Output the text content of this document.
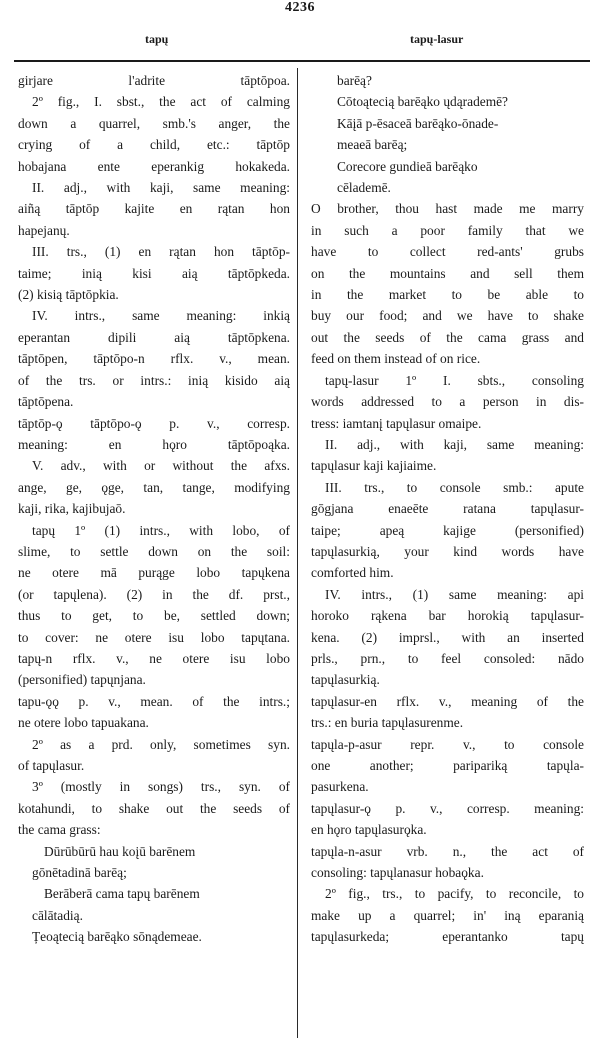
4236
tapų	tapų-lasur
girjare l'adrite tāptōpoa.
2º fig., I. sbst., the act of calming
down a quarrel, smb.'s anger, the
crying of a child, etc.: tāptōp
hobajana ente eperankig hokakeda.
II. adj., with kaji, same meaning:
aiñą tāptōp kajite en rątan hon
hapejanų.
III. trs., (1) en rątan hon tāptōp-
taime; inią kisi aią tāptōpkeda.
(2) kisią tāptōpkia.
IV. intrs., same meaning: inkią
eperantan dipili aią tāptōpkena.
tāptōpen, tāptōpo-n rflx. v., mean.
of the trs. or intrs.: inią kisido aią
tāptōpena.
tāptōp-ǫ tāptōpo-ǫ p. v., corresp.
meaning: en hǫro tāptōpoąka.
V. adv., with or without the afxs.
ange, ge, ǫge, tan, tange, modifying
kaji, rika, kajibujaō.
tapų 1º (1) intrs., with lobo, of
slime, to settle down on the soil:
ne otere mā purąge lobo tapųkena
(or tapųlena). (2) in the df. prst.,
thus to get, to be, settled down;
to cover: ne otere isu lobo tapųtana.
tapų-n rflx. v., ne otere isu lobo
(personified) tapųnjana.
tapu-ǫǫ p. v., mean. of the intrs.;
ne otere lobo tapuakana.
2º as a prd. only, sometimes syn.
of tapųlasur.
3º (mostly in songs) trs., syn. of
kotahundi, to shake out the seeds of
the cama grass:
Dūrūbūrū hau koįū barēnem
gōnētadinā barēą;
Berāberā cama tapų barēnem
cālātadią.
Țeoątecią barēąko sōnądemeae.
barēą?
Cōtoątecią barēąko ųdąrademē?
Kāįā p-ēsaceā barēąko-ōnade-
meaeā barēą;
Corecore gundieā barēąko
cēlademē.
O brother, thou hast made me marry
in such a poor family that we
have to collect red-ants' grubs
on the mountains and sell them
in the market to be able to
buy our food; and we have to shake
out the seeds of the cama grass and
feed on them instead of on rice.
tapų-lasur 1º I. sbts., consoling
words addressed to a person in dis-
tress: iamtanį tapųlasur omaipe.
II. adj., with kaji, same meaning:
tapųlasur kaji kajiaime.
III. trs., to console smb.: apute
gōgjana enaeēte ratana tapųlasur-
taipe; apeą kajige (personified)
tapųlasurkią, your kind words have
comforted him.
IV. intrs., (1) same meaning: api
horoko rąkena bar horokią tapųlasur-
kena. (2) imprsl., with an inserted
prls., prn., to feel consoled: nādo
tapųlasurkią.
tapųlasur-en rflx. v., meaning of the
trs.: en buria tapųlasurenme.
tapųla-p-asur repr. v., to console
one another; paripariką tapųla-
pasurkena.
tapųlasur-ǫ p. v., corresp. meaning:
en hǫro tapųlasurǫka.
tapųla-n-asur vrb. n., the act of
consoling: tapųlanasur hobaǫka.
2º fig., trs., to pacify, to reconcile, to
make up a quarrel; in' iną eparanią
tapųlasurkeda; eperantanko tapų
